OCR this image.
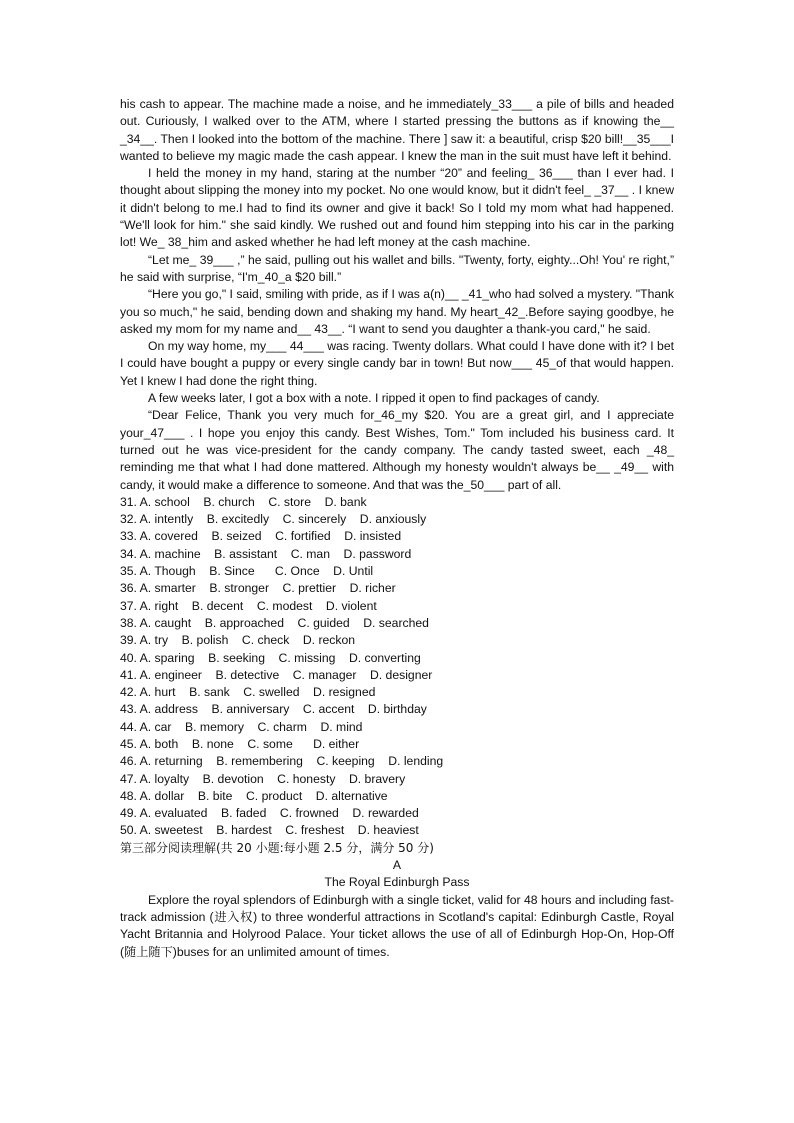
his cash to appear. The machine made a noise, and he immediately_33___ a pile of bills and headed out. Curiously, I walked over to the ATM, where I started pressing the buttons as if knowing the__ _34__. Then I looked into the bottom of the machine. There ] saw it: a beautiful, crisp $20 bill!__35___I wanted to believe my magic made the cash appear. I knew the man in the suit must have left it behind.

I held the money in my hand, staring at the number “20” and feeling_ 36___ than I ever had. I thought about slipping the money into my pocket. No one would know, but it didn't feel_ _37__ . I knew it didn't belong to me.I had to find its owner and give it back! So I told my mom what had happened. “We'll look for him." she said kindly. We rushed out and found him stepping into his car in the parking lot! We_ 38_him and asked whether he had left money at the cash machine.

“Let me_ 39___ ,” he said, pulling out his wallet and bills. "Twenty, forty, eighty...Oh! You' re right,” he said with surprise, “I'm_40_a $20 bill.”

“Here you go," I said, smiling with pride, as if I was a(n)__ _41_who had solved a mystery. "Thank you so much," he said, bending down and shaking my hand. My heart_42_.Before saying goodbye, he asked my mom for my name and__ 43__. “I want to send you daughter a thank-you card," he said.

On my way home, my___ 44___ was racing. Twenty dollars. What could I have done with it? I bet I could have bought a puppy or every single candy bar in town! But now___ 45_of that would happen. Yet I knew I had done the right thing.

A few weeks later, I got a box with a note. I ripped it open to find packages of candy.

“Dear Felice, Thank you very much for_46_my $20. You are a great girl, and I appreciate your_47___ . I hope you enjoy this candy. Best Wishes, Tom." Tom included his business card. It turned out he was vice-president for the candy company. The candy tasted sweet, each _48_ reminding me that what I had done mattered. Although my honesty wouldn't always be__ _49__ with candy, it would make a difference to someone. And that was the_50___ part of all.

31. A. school    B. church    C. store    D. bank

32. A. intently    B. excitedly    C. sincerely    D. anxiously

33. A. covered    B. seized    C. fortified    D. insisted

34. A. machine    B. assistant    C. man    D. password

35. A. Though    B. Since      C. Once    D. Until

36. A. smarter    B. stronger    C. prettier    D. richer

37. A. right    B. decent    C. modest    D. violent

38. A. caught    B. approached    C. guided    D. searched

39. A. try    B. polish    C. check    D. reckon

40. A. sparing    B. seeking    C. missing    D. converting

41. A. engineer    B. detective    C. manager    D. designer

42. A. hurt    B. sank    C. swelled    D. resigned

43. A. address    B. anniversary    C. accent    D. birthday

44. A. car    B. memory    C. charm    D. mind

45. A. both    B. none    C. some      D. either

46. A. returning    B. remembering    C. keeping    D. lending

47. A. loyalty    B. devotion    C. honesty    D. bravery

48. A. dollar    B. bite    C. product    D. alternative

49. A. evaluated    B. faded    C. frowned    D. rewarded

50. A. sweetest    B. hardest    C. freshest    D. heaviest

第三部分阅读理解(共 20 小题:每小题 2.5 分，满分 50 分)

A

The Royal Edinburgh Pass

Explore the royal splendors of Edinburgh with a single ticket, valid for 48 hours and including fast-track admission (进入权) to three wonderful attractions in Scotland's capital: Edinburgh Castle, Royal Yacht Britannia and Holyrood Palace. Your ticket allows the use of all of Edinburgh Hop-On, Hop-Off (随上随下)buses for an unlimited amount of times.
